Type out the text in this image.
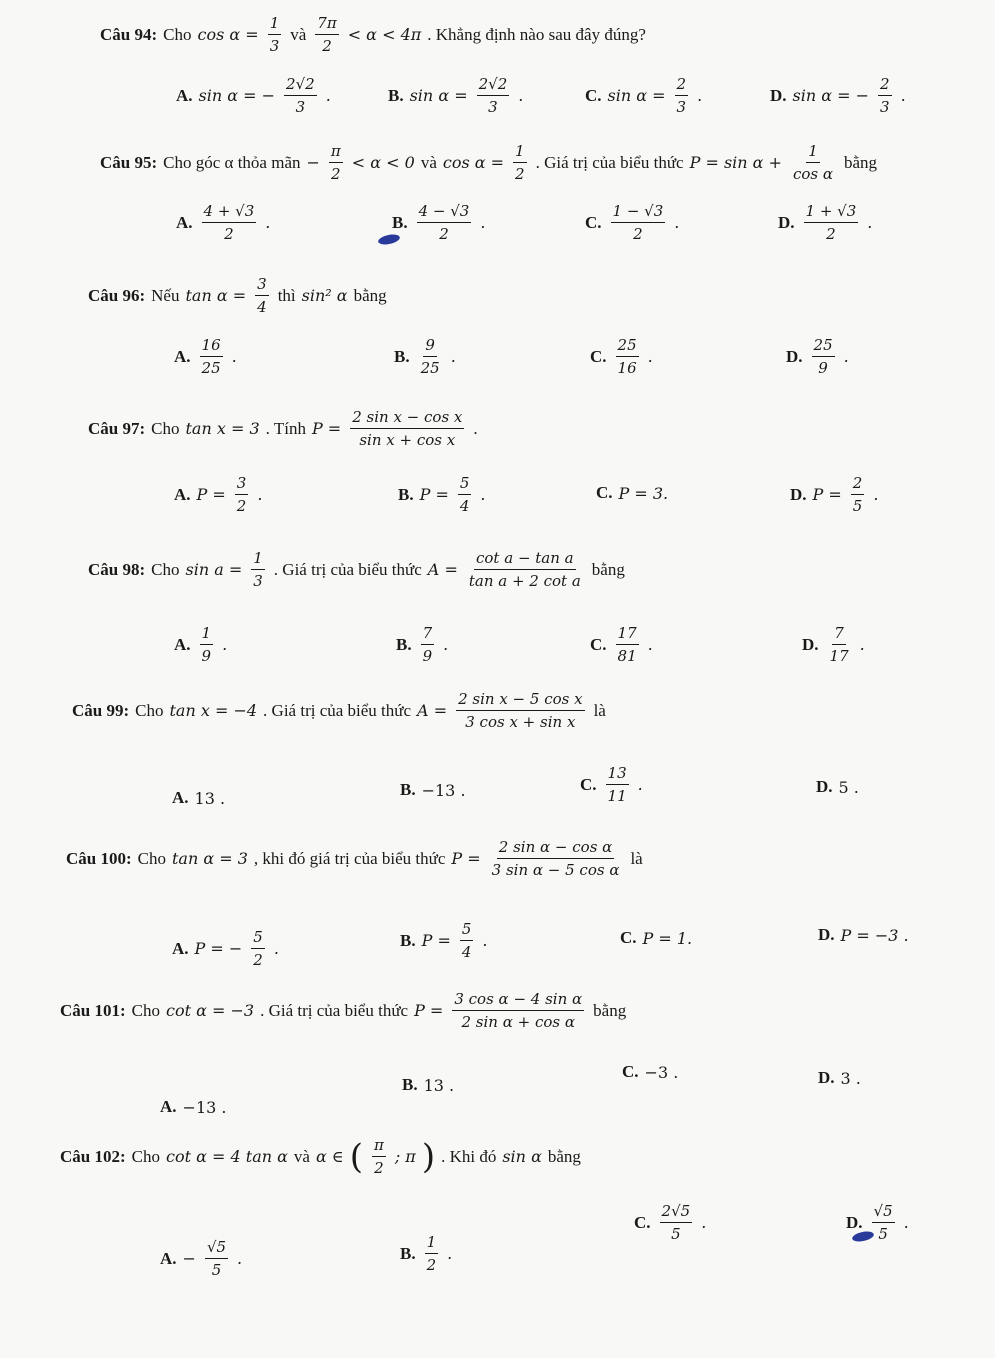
Câu 94: Cho $\cos \alpha = \frac{1}{3}$ và $\frac{7\pi}{2} < \alpha < 4\pi$ . Khẳng định nào sau đây đúng?
A. sin α = − $\frac{2√2}{3}$ .	B. $\sin \alpha = \frac{2√2}{3}$ .	C. $\sin \alpha = \frac{2}{3}$ .	D. sin α = − $\frac{2}{3}$ .
Câu 95: Cho góc α thỏa mãn − $\frac{\pi}{2} < \alpha < 0$ và $\cos \alpha = \frac{1}{2}$ . Giá trị của biểu thức $P = \sin \alpha + \frac{1}{\text{cos α}}$ bằng
A. $\frac{4 + √3}{2}$ .	B. $\frac{4 - √3}{2}$ .	C. $\frac{1 - √3}{2}$ .	D. $\frac{1 + √3}{2}$ .
Câu 96: Nếu $\tan \alpha = \frac{3}{4}$ thì sin² α bằng
A. $\frac{16}{25}$ .	B. $\frac{9}{25}$ .	C. $\frac{25}{16}$ .	D. $\frac{25}{9}$ .
Câu 97: Cho tan x = 3 . Tính $P = \frac{\text{2 sin x − cos x}}{\text{sin x + cos x}}$ .
A. $P = \frac{3}{2}$ .	B. $P = \frac{5}{4}$ .	C. P = 3.	D. $P = \frac{2}{5}$ .
Câu 98: Cho $\sin a = \frac{1}{3}$ . Giá trị của biểu thức $A = \frac{\text{cot a − tan a}}{\text{tan a + 2 cot a}}$ bằng
A. $\frac{1}{9}$ .	B. $\frac{7}{9}$ .	C. $\frac{17}{81}$ .	D. $\frac{7}{17}$ .
Câu 99: Cho tan x = −4 . Giá trị của biểu thức $A = \frac{\text{2 sin x − 5 cos x}}{\text{3 cos x + sin x}}$ là
A. 13 .	B. −13 .	C. $\frac{13}{11}$ .	D. 5 .
Câu 100: Cho tan α = 3 , khi đó giá trị của biểu thức $P = \frac{\text{2 sin α − cos α}}{\text{3 sin α − 5 cos α}}$ là
A. P = − $\frac{5}{2}$ .	B. $P = \frac{5}{4}$ .	C. P = 1.	D. P = −3 .
Câu 101: Cho cot α = −3 . Giá trị của biểu thức $P = \frac{\text{3 cos α − 4 sin α}}{\text{2 sin α + cos α}}$ bằng
A. −13 .
B. 13 .
C. −3 .	D. 3 .
Câu 102: Cho cot α = 4 tan α và α ∈ ( $\frac{\pi}{2}$ ; π ) . Khi đó sin α bằng
A. − $\frac{√5}{5}$ .	B. $\frac{1}{2}$ .
C. $\frac{2√5}{5}$ .	D. $\frac{√5}{5}$ .
